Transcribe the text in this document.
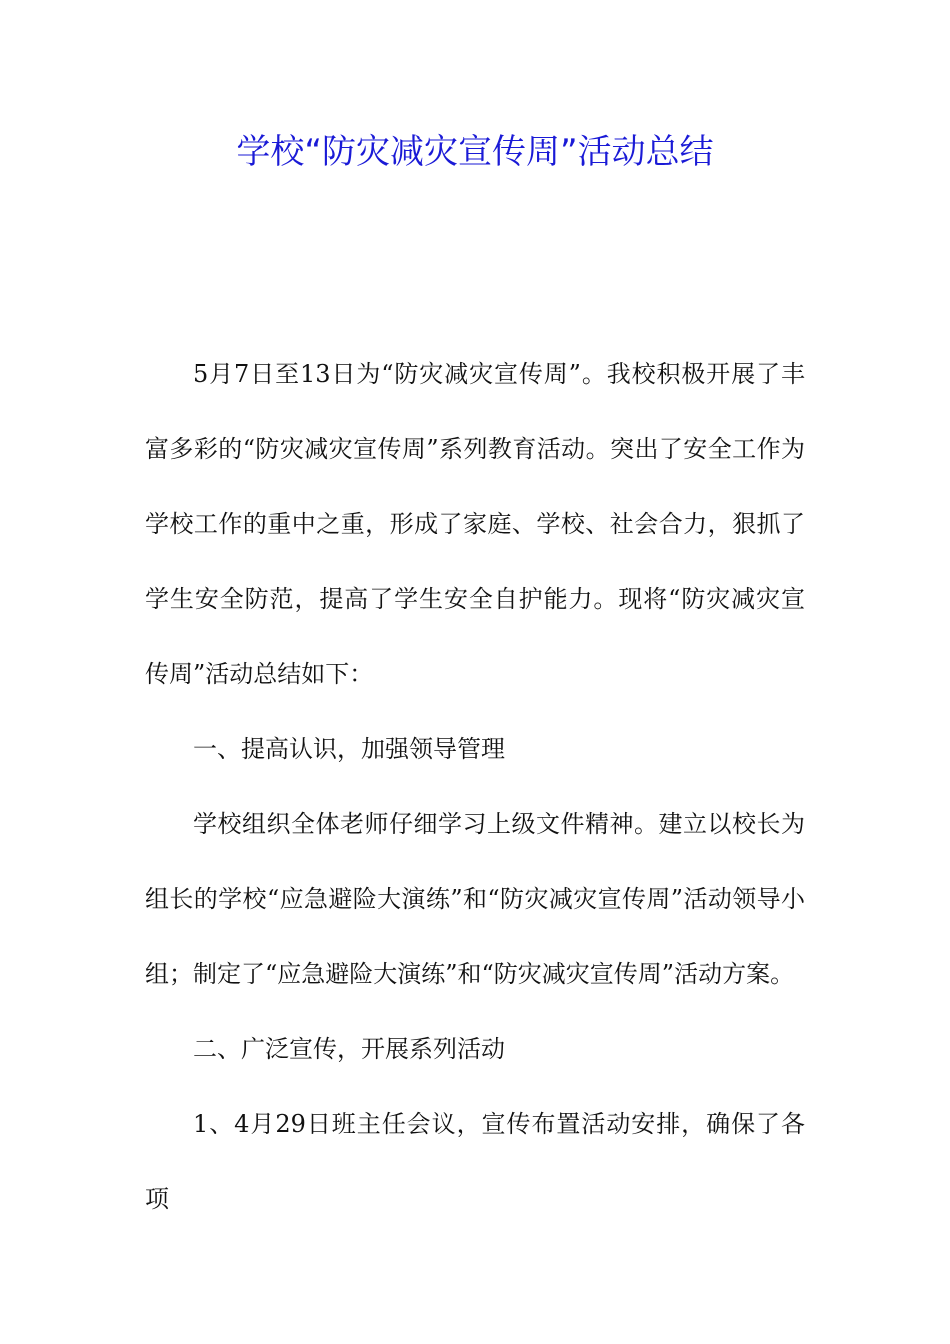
学校“防灾减灾宣传周”活动总结

5月7日至13日为“防灾减灾宣传周”。我校积极开展了丰富多彩的“防灾减灾宣传周”系列教育活动。突出了安全工作为学校工作的重中之重，形成了家庭、学校、社会合力，狠抓了学生安全防范，提高了学生安全自护能力。现将“防灾减灾宣传周”活动总结如下：

一、提高认识，加强领导管理

学校组织全体老师仔细学习上级文件精神。建立以校长为组长的学校“应急避险大演练”和“防灾减灾宣传周”活动领导小组；制定了“应急避险大演练”和“防灾减灾宣传周”活动方案。

二、广泛宣传，开展系列活动

1、4月29日班主任会议，宣传布置活动安排，确保了各项
